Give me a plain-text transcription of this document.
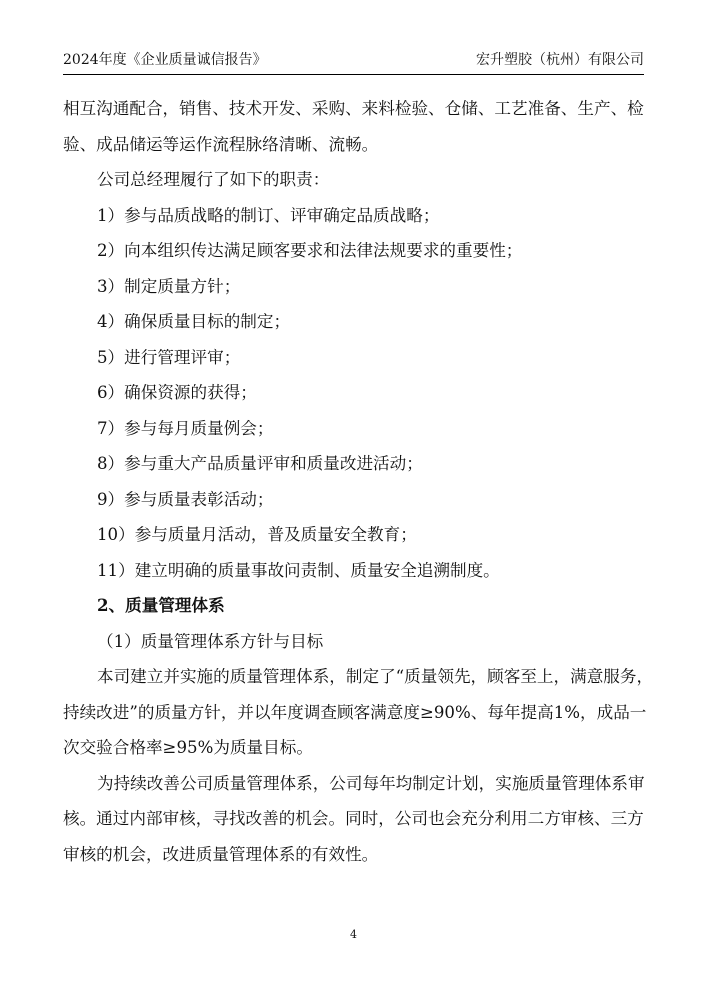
2024年度《企业质量诚信报告》	宏升塑胶（杭州）有限公司

相互沟通配合，销售、技术开发、采购、来料检验、仓储、工艺准备、生产、检

验、成品储运等运作流程脉络清晰、流畅。

公司总经理履行了如下的职责：

1）参与品质战略的制订、评审确定品质战略；

2）向本组织传达满足顾客要求和法律法规要求的重要性；

3）制定质量方针；

4）确保质量目标的制定；

5）进行管理评审；

6）确保资源的获得；

7）参与每月质量例会；

8）参与重大产品质量评审和质量改进活动；

9）参与质量表彰活动；

10）参与质量月活动，普及质量安全教育；

11）建立明确的质量事故问责制、质量安全追溯制度。

2、质量管理体系

（1）质量管理体系方针与目标

本司建立并实施的质量管理体系，制定了“质量领先，顾客至上，满意服务，

持续改进”的质量方针，并以年度调查顾客满意度≥90%、每年提高1%，成品一

次交验合格率≥95%为质量目标。

为持续改善公司质量管理体系，公司每年均制定计划，实施质量管理体系审

核。通过内部审核，寻找改善的机会。同时，公司也会充分利用二方审核、三方

审核的机会，改进质量管理体系的有效性。

4
